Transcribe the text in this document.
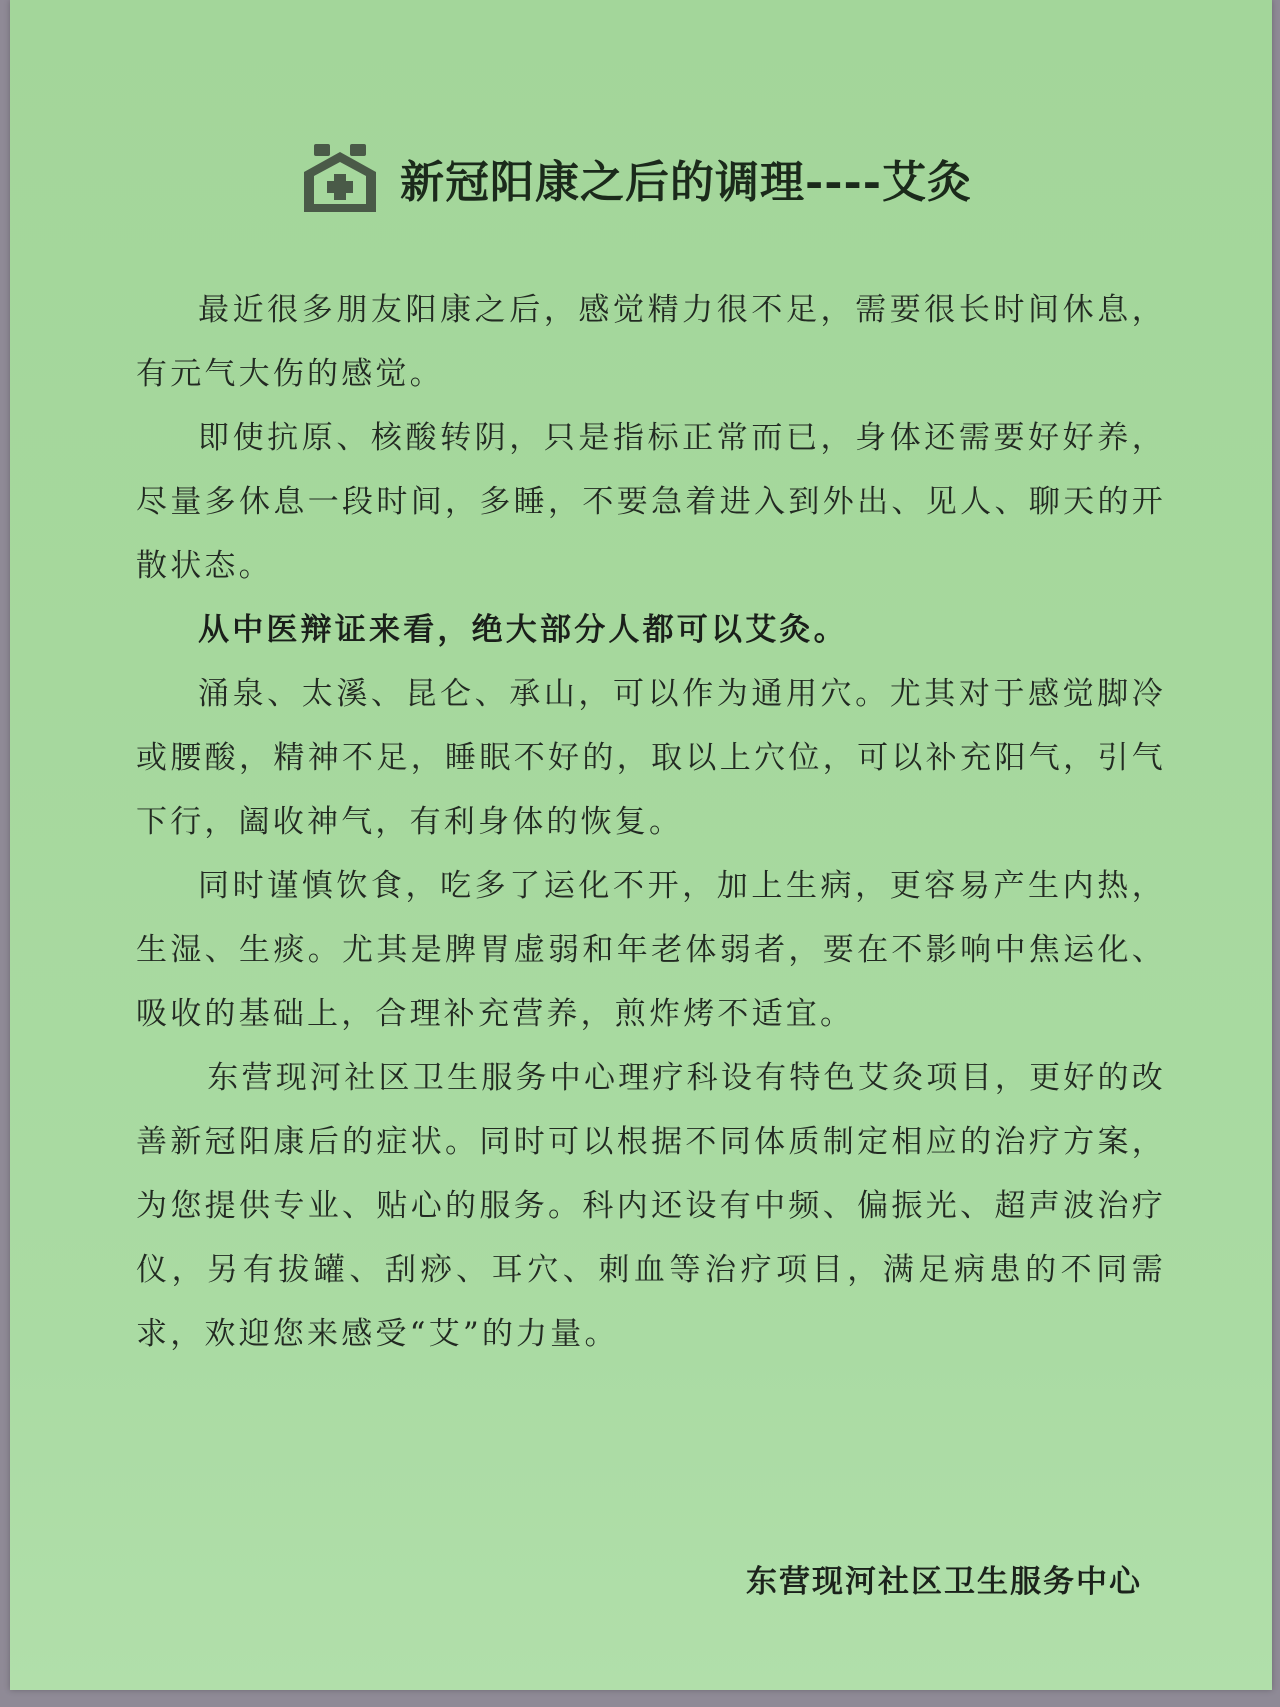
新冠阳康之后的调理----艾灸

最近很多朋友阳康之后，感觉精力很不足，需要很长时间休息，有元气大伤的感觉。

即使抗原、核酸转阴，只是指标正常而已，身体还需要好好养，尽量多休息一段时间，多睡，不要急着进入到外出、见人、聊天的开散状态。

从中医辩证来看，绝大部分人都可以艾灸。

涌泉、太溪、昆仑、承山，可以作为通用穴。尤其对于感觉脚冷或腰酸，精神不足，睡眠不好的，取以上穴位，可以补充阳气，引气下行，阖收神气，有利身体的恢复。

同时谨慎饮食，吃多了运化不开，加上生病，更容易产生内热，生湿、生痰。尤其是脾胃虚弱和年老体弱者，要在不影响中焦运化、吸收的基础上，合理补充营养，煎炸烤不适宜。

东营现河社区卫生服务中心理疗科设有特色艾灸项目，更好的改善新冠阳康后的症状。同时可以根据不同体质制定相应的治疗方案，为您提供专业、贴心的服务。科内还设有中频、偏振光、超声波治疗仪，另有拔罐、刮痧、耳穴、刺血等治疗项目，满足病患的不同需求，欢迎您来感受“艾”的力量。

东营现河社区卫生服务中心
